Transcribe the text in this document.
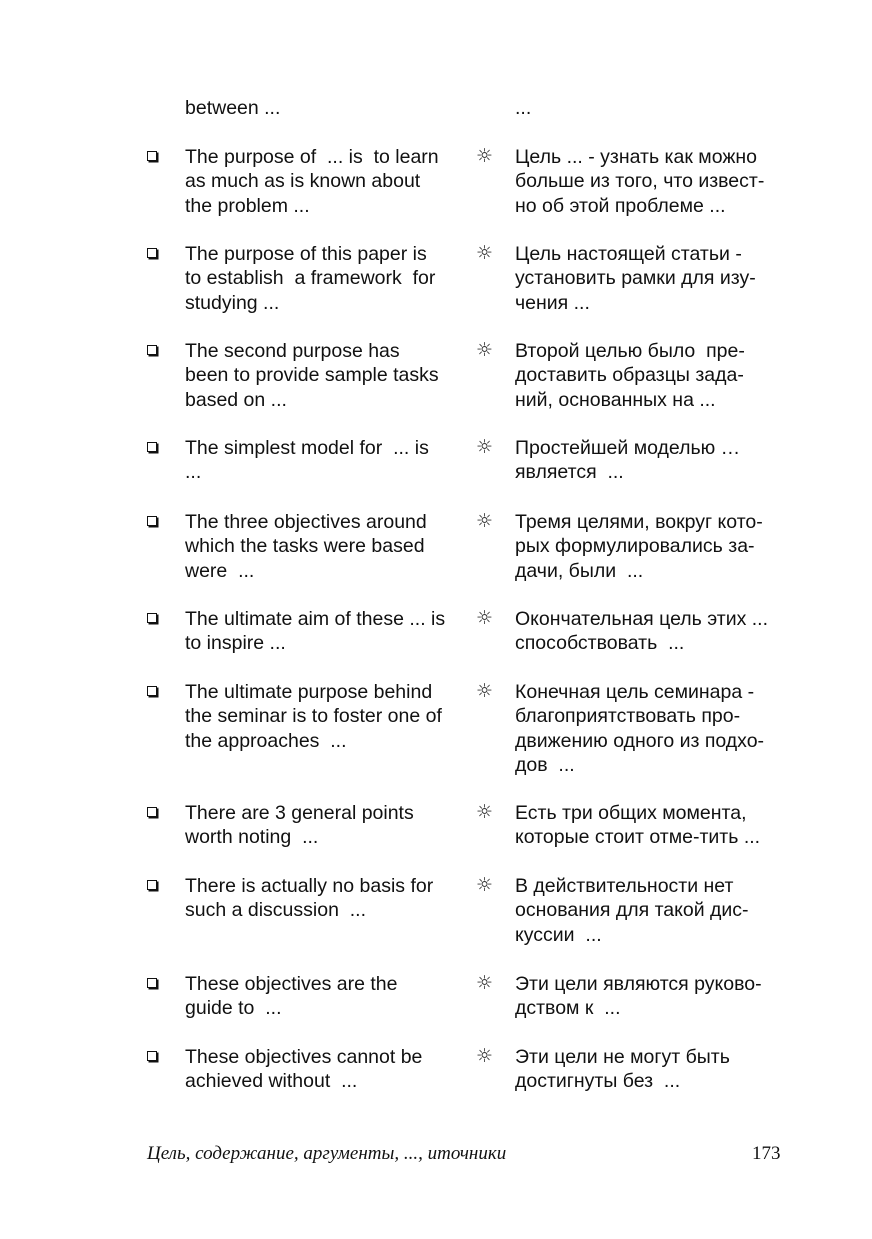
between ...	...
The purpose of  ... is  to learn
as much as is known about
the problem ...
☼ Цель ... - узнать как можно
больше из того, что извест-
но об этой проблеме ...
The purpose of this paper is
to establish  a framework  for
studying ...
☼ Цель настоящей статьи -
установить рамки для изу-
чения ...
The second purpose has
been to provide sample tasks
based on ...
☼ Второй целью было  пре-
доставить образцы зада-
ний, основанных на ...
The simplest model for  ... is
...
☼ Простейшей моделью …
является  ...
The three objectives around
which the tasks were based
were  ...
☼ Тремя целями, вокруг кото-
рых формулировались за-
дачи, были  ...
The ultimate aim of these ... is
to inspire ...
☼ Окончательная цель этих ...
способствовать  ...
The ultimate purpose behind
the seminar is to foster one of
the approaches  ...
☼ Конечная цель семинара -
благоприятствовать про-
движению одного из подхо-
дов  ...
There are 3 general points
worth noting  ...
☼ Есть три общих момента,
которые стоит отме-тить ...
There is actually no basis for
such a discussion  ...
☼ В действительности нет
основания для такой дис-
куссии  ...
These objectives are the
guide to  ...
☼ Эти цели являются руково-
дством к  ...
These objectives cannot be
achieved without  ...
☼ Эти цели не могут быть
достигнуты без  ...
Цель, содержание, аргументы, ..., иточники	173
